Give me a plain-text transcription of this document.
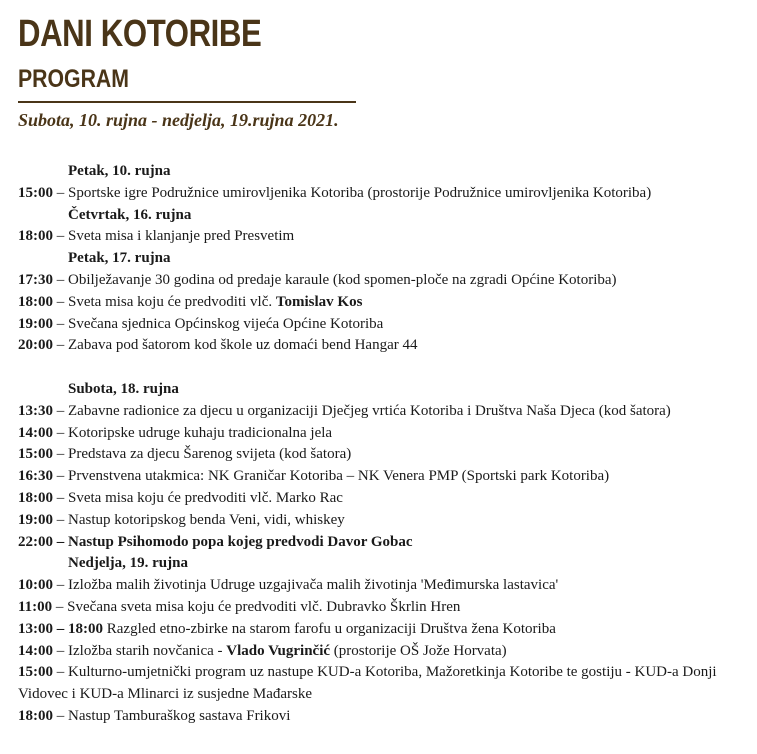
DANI KOTORIBE
PROGRAM
Subota, 10. rujna - nedjelja, 19.rujna 2021.
Petak, 10. rujna
15:00 – Sportske igre Podružnice umirovljenika Kotoriba (prostorije Podružnice umirovljenika Kotoriba)
Četvrtak, 16. rujna
18:00 – Sveta misa i klanjanje pred Presvetim
Petak, 17. rujna
17:30 – Obilježavanje 30 godina od predaje karaule (kod spomen-ploče na zgradi Općine Kotoriba)
18:00 – Sveta misa koju će predvoditi vlč. Tomislav Kos
19:00 – Svečana sjednica Općinskog vijeća Općine Kotoriba
20:00 – Zabava pod šatorom kod škole uz domaći bend Hangar 44
Subota, 18. rujna
13:30 – Zabavne radionice za djecu u organizaciji Dječjeg vrtića Kotoriba i Društva Naša Djeca (kod šatora)
14:00 – Kotoripske udruge kuhaju tradicionalna jela
15:00 – Predstava za djecu Šarenog svijeta (kod šatora)
16:30 – Prvenstvena utakmica: NK Graničar Kotoriba – NK Venera PMP (Sportski park Kotoriba)
18:00 – Sveta misa koju će predvoditi vlč. Marko Rac
19:00 – Nastup kotoripskog benda Veni, vidi, whiskey
22:00 – Nastup Psihomodo popa kojeg predvodi Davor Gobac
Nedjelja, 19. rujna
10:00 – Izložba malih životinja Udruge uzgajivača malih životinja 'Međimurska lastavica'
11:00 – Svečana sveta misa koju će predvoditi vlč. Dubravko Škrlin Hren
13:00 – 18:00 Razgled etno-zbirke na starom farofu u organizaciji Društva žena Kotoriba
14:00 – Izložba starih novčanica - Vlado Vugrinčić (prostorije OŠ Jože Horvata)
15:00 – Kulturno-umjetnički program uz nastupe KUD-a Kotoriba, Mažoretkinja Kotoribe te gostiju - KUD-a Donji Vidovec i KUD-a Mlinarci iz susjedne Mađarske
18:00 – Nastup Tamburaškog sastava Frikovi
